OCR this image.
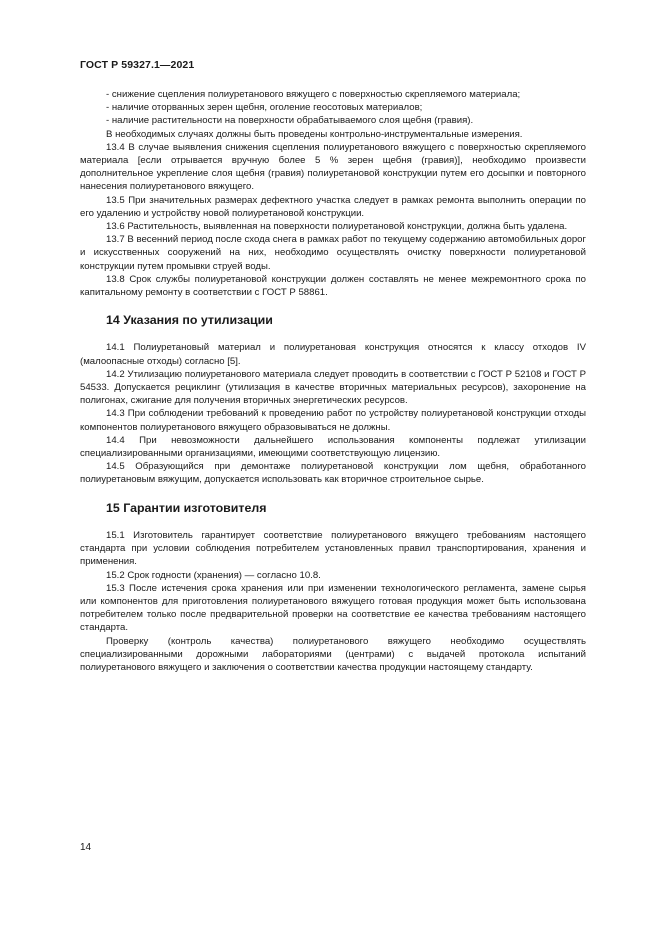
ГОСТ Р 59327.1—2021

- снижение сцепления полиуретанового вяжущего с поверхностью скрепляемого материала;

- наличие оторванных зерен щебня, оголение геосотовых материалов;

- наличие растительности на поверхности обрабатываемого слоя щебня (гравия).

В необходимых случаях должны быть проведены контрольно-инструментальные измерения.

13.4 В случае выявления снижения сцепления полиуретанового вяжущего с поверхностью скрепляемого материала [если отрывается вручную более 5 % зерен щебня (гравия)], необходимо произвести дополнительное укрепление слоя щебня (гравия) полиуретановой конструкции путем его досыпки и повторного нанесения полиуретанового вяжущего.

13.5 При значительных размерах дефектного участка следует в рамках ремонта выполнить операции по его удалению и устройству новой полиуретановой конструкции.

13.6 Растительность, выявленная на поверхности полиуретановой конструкции, должна быть удалена.

13.7 В весенний период после схода снега в рамках работ по текущему содержанию автомобильных дорог и искусственных сооружений на них, необходимо осуществлять очистку поверхности полиуретановой конструкции путем промывки струей воды.

13.8 Срок службы полиуретановой конструкции должен составлять не менее межремонтного срока по капитальному ремонту в соответствии с ГОСТ Р 58861.

14 Указания по утилизации

14.1 Полиуретановый материал и полиуретановая конструкция относятся к классу отходов IV (малоопасные отходы) согласно [5].

14.2 Утилизацию полиуретанового материала следует проводить в соответствии с ГОСТ Р 52108 и ГОСТ Р 54533. Допускается рециклинг (утилизация в качестве вторичных материальных ресурсов), захоронение на полигонах, сжигание для получения вторичных энергетических ресурсов.

14.3 При соблюдении требований к проведению работ по устройству полиуретановой конструкции отходы компонентов полиуретанового вяжущего образовываться не должны.

14.4 При невозможности дальнейшего использования компоненты подлежат утилизации специализированными организациями, имеющими соответствующую лицензию.

14.5 Образующийся при демонтаже полиуретановой конструкции лом щебня, обработанного полиуретановым вяжущим, допускается использовать как вторичное строительное сырье.

15 Гарантии изготовителя

15.1 Изготовитель гарантирует соответствие полиуретанового вяжущего требованиям настоящего стандарта при условии соблюдения потребителем установленных правил транспортирования, хранения и применения.

15.2 Срок годности (хранения) — согласно 10.8.

15.3 После истечения срока хранения или при изменении технологического регламента, замене сырья или компонентов для приготовления полиуретанового вяжущего готовая продукция может быть использована потребителем только после предварительной проверки на соответствие ее качества требованиям настоящего стандарта.

Проверку (контроль качества) полиуретанового вяжущего необходимо осуществлять специализированными дорожными лабораториями (центрами) с выдачей протокола испытаний полиуретанового вяжущего и заключения о соответствии качества продукции настоящему стандарту.

14
